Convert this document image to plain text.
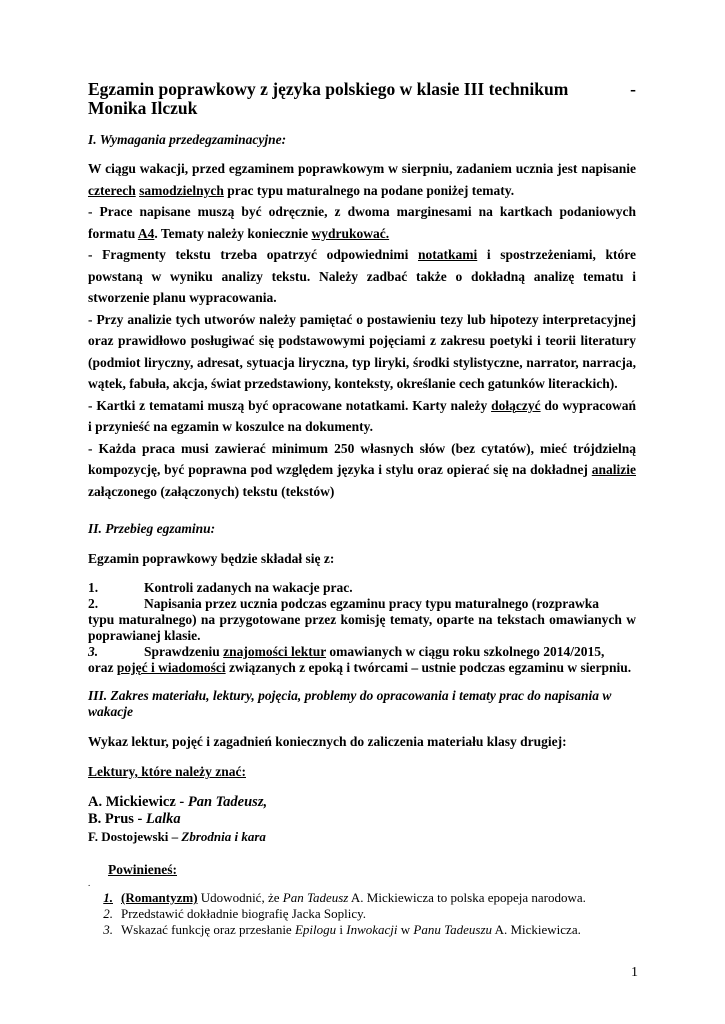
Egzamin poprawkowy z języka polskiego w klasie III technikum	-
Monika Ilczuk

I. Wymagania przedegzaminacyjne:

W ciągu wakacji, przed egzaminem poprawkowym w sierpniu, zadaniem ucznia jest napisanie czterech samodzielnych prac typu maturalnego na podane poniżej tematy.

- Prace napisane muszą być odręcznie, z dwoma marginesami na kartkach podaniowych formatu A4. Tematy należy koniecznie wydrukować.

- Fragmenty tekstu trzeba opatrzyć odpowiednimi notatkami i spostrzeżeniami, które powstaną w wyniku analizy tekstu. Należy zadbać także o dokładną analizę tematu i stworzenie planu wypracowania.

- Przy analizie tych utworów należy pamiętać o postawieniu tezy lub hipotezy interpretacyjnej oraz prawidłowo posługiwać się podstawowymi pojęciami z zakresu poetyki i teorii literatury (podmiot liryczny, adresat, sytuacja liryczna, typ liryki, środki stylistyczne, narrator, narracja, wątek, fabuła, akcja, świat przedstawiony, konteksty, określanie cech gatunków literackich).

- Kartki z tematami muszą być opracowane notatkami. Karty należy dołączyć do wypracowań i przynieść na egzamin w koszulce na dokumenty.

- Każda praca musi zawierać minimum 250 własnych słów (bez cytatów), mieć trójdzielną kompozycję, być poprawna pod względem języka i stylu oraz opierać się na dokładnej analizie załączonego (załączonych) tekstu (tekstów)

II. Przebieg egzaminu:

Egzamin poprawkowy będzie składał się z:

1.	Kontroli zadanych na wakacje prac.
2.	Napisania przez ucznia podczas egzaminu pracy typu maturalnego (rozprawka

typu maturalnego) na przygotowane przez komisję tematy, oparte na tekstach omawianych w poprawianej klasie.

3.	Sprawdzeniu znajomości lektur omawianych w ciągu roku szkolnego 2014/2015,

oraz pojęć i wiadomości związanych z epoką i twórcami – ustnie podczas egzaminu w sierpniu.

III. Zakres materiału, lektury, pojęcia, problemy do opracowania i tematy prac do napisania w wakacje

Wykaz lektur, pojęć i zagadnień koniecznych do zaliczenia materiału klasy drugiej:

Lektury, które należy znać:

A. Mickiewicz - Pan Tadeusz,
B. Prus - Lalka
F. Dostojewski – Zbrodnia i kara

Powinieneś:

.

1. (Romantyzm) Udowodnić, że Pan Tadeusz A. Mickiewicza to polska epopeja narodowa.
2. Przedstawić dokładnie biografię Jacka Soplicy.
3. Wskazać funkcję oraz przesłanie Epilogu i Inwokacji w Panu Tadeuszu A. Mickiewicza.
1
